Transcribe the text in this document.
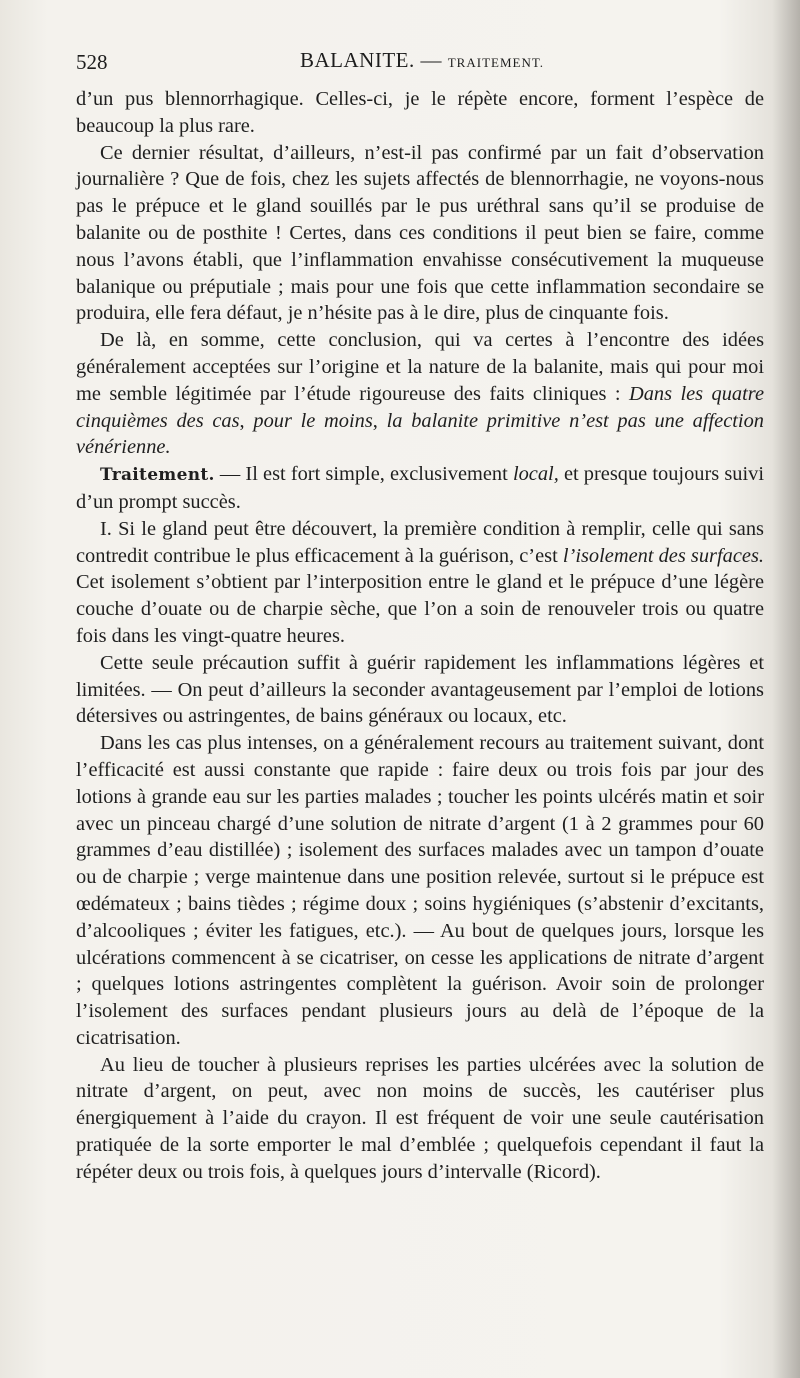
528	BALANITE. — TRAITEMENT.

d’un pus blennorrhagique. Celles-ci, je le répète encore, forment l’espèce de beaucoup la plus rare.

Ce dernier résultat, d’ailleurs, n’est-il pas confirmé par un fait d’observation journalière ? Que de fois, chez les sujets affectés de blennorrhagie, ne voyons-nous pas le prépuce et le gland souillés par le pus uréthral sans qu’il se produise de balanite ou de posthite ! Certes, dans ces conditions il peut bien se faire, comme nous l’avons établi, que l’inflammation envahisse consécutivement la muqueuse balanique ou préputiale ; mais pour une fois que cette inflammation secondaire se produira, elle fera défaut, je n’hésite pas à le dire, plus de cinquante fois.

De là, en somme, cette conclusion, qui va certes à l’encontre des idées généralement acceptées sur l’origine et la nature de la balanite, mais qui pour moi me semble légitimée par l’étude rigoureuse des faits cliniques : Dans les quatre cinquièmes des cas, pour le moins, la balanite primitive n’est pas une affection vénérienne.

Traitement. — Il est fort simple, exclusivement local, et presque toujours suivi d’un prompt succès.

I. Si le gland peut être découvert, la première condition à remplir, celle qui sans contredit contribue le plus efficacement à la guérison, c’est l’isolement des surfaces. Cet isolement s’obtient par l’interposition entre le gland et le prépuce d’une légère couche d’ouate ou de charpie sèche, que l’on a soin de renouveler trois ou quatre fois dans les vingt-quatre heures.

Cette seule précaution suffit à guérir rapidement les inflammations légères et limitées. — On peut d’ailleurs la seconder avantageusement par l’emploi de lotions détersives ou astringentes, de bains généraux ou locaux, etc.

Dans les cas plus intenses, on a généralement recours au traitement suivant, dont l’efficacité est aussi constante que rapide : faire deux ou trois fois par jour des lotions à grande eau sur les parties malades ; toucher les points ulcérés matin et soir avec un pinceau chargé d’une solution de nitrate d’argent (1 à 2 grammes pour 60 grammes d’eau distillée) ; isolement des surfaces malades avec un tampon d’ouate ou de charpie ; verge maintenue dans une position relevée, surtout si le prépuce est œdémateux ; bains tièdes ; régime doux ; soins hygiéniques (s’abstenir d’excitants, d’alcooliques ; éviter les fatigues, etc.). — Au bout de quelques jours, lorsque les ulcérations commencent à se cicatriser, on cesse les applications de nitrate d’argent ; quelques lotions astringentes complètent la guérison. Avoir soin de prolonger l’isolement des surfaces pendant plusieurs jours au delà de l’époque de la cicatrisation.

Au lieu de toucher à plusieurs reprises les parties ulcérées avec la solution de nitrate d’argent, on peut, avec non moins de succès, les cautériser plus énergiquement à l’aide du crayon. Il est fréquent de voir une seule cautérisation pratiquée de la sorte emporter le mal d’emblée ; quelquefois cependant il faut la répéter deux ou trois fois, à quelques jours d’intervalle (Ricord).
